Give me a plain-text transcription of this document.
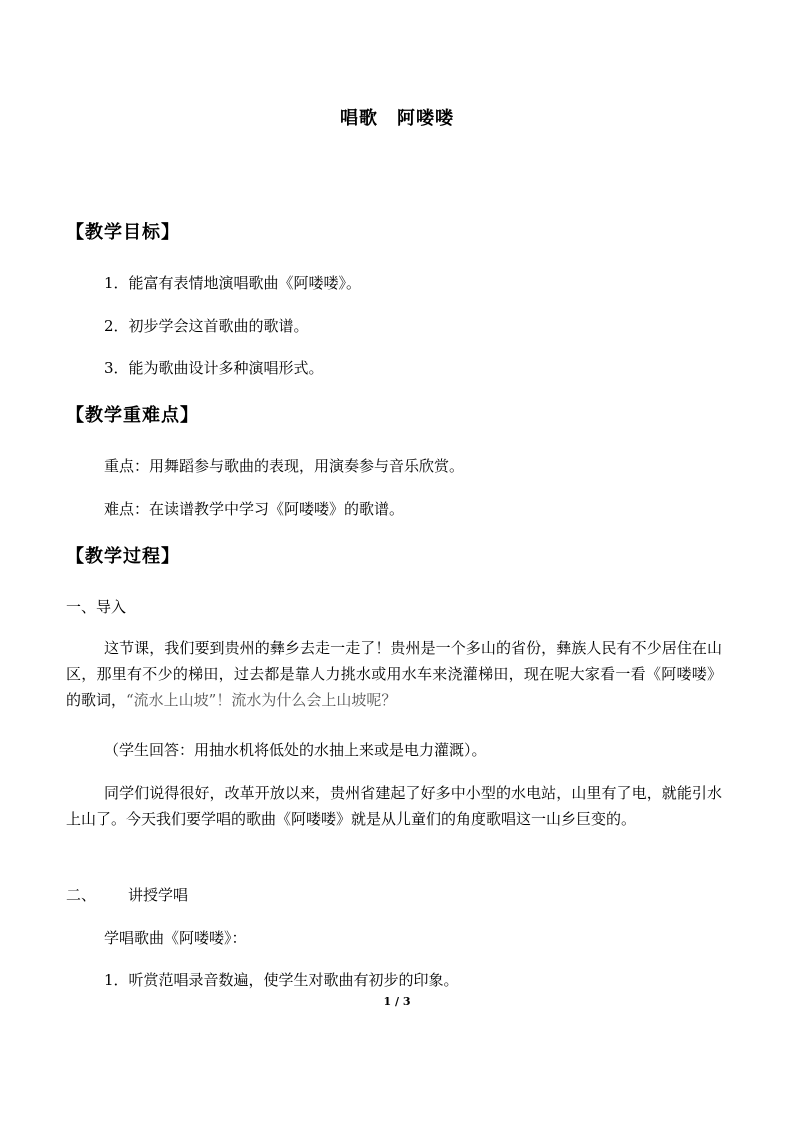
唱歌　阿喽喽
【教学目标】
1．能富有表情地演唱歌曲《阿喽喽》。
2．初步学会这首歌曲的歌谱。
3．能为歌曲设计多种演唱形式。
【教学重难点】
重点：用舞蹈参与歌曲的表现，用演奏参与音乐欣赏。
难点：在读谱教学中学习《阿喽喽》的歌谱。
【教学过程】
一、导入
这节课，我们要到贵州的彝乡去走一走了！贵州是一个多山的省份，彝族人民有不少居住在山区，那里有不少的梯田，过去都是靠人力挑水或用水车来浇灌梯田，现在呢大家看一看《阿喽喽》的歌词，“流水上山坡”！流水为什么会上山坡呢？
（学生回答：用抽水机将低处的水抽上来或是电力灌溉）。
同学们说得很好，改革开放以来，贵州省建起了好多中小型的水电站，山里有了电，就能引水上山了。今天我们要学唱的歌曲《阿喽喽》就是从儿童们的角度歌唱这一山乡巨变的。
二、 讲授学唱
学唱歌曲《阿喽喽》：
1．听赏范唱录音数遍，使学生对歌曲有初步的印象。
1 / 3
